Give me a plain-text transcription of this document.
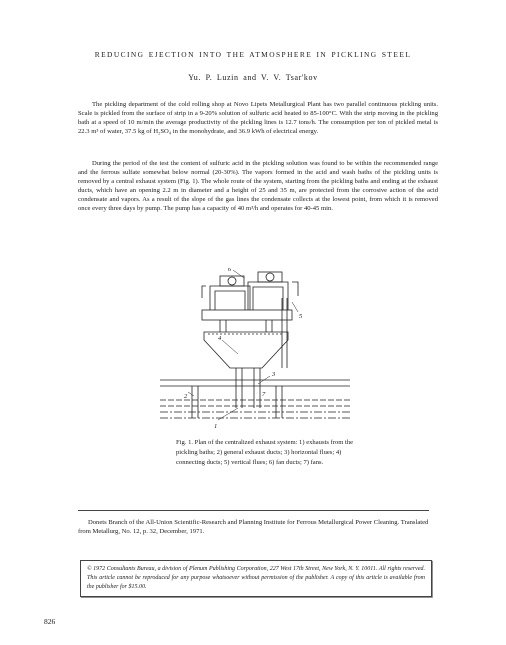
REDUCING EJECTION INTO THE ATMOSPHERE IN PICKLING STEEL
Yu. P. Luzin and V. V. Tsar'kov

The pickling department of the cold rolling shop at Novo Lipets Metallurgical Plant has two parallel continuous pickling units. Scale is pickled from the surface of strip in a 9-20% solution of sulfuric acid heated to 85-100°C. With the strip moving in the pickling bath at a speed of 10 m/min the average productivity of the pickling lines is 12.7 tons/h. The consumption per ton of pickled metal is 22.3 m³ of water, 37.5 kg of H₂SO₄ in the monohydrate, and 36.9 kWh of electrical energy.

During the period of the test the content of sulfuric acid in the pickling solution was found to be within the recommended range and the ferrous sulfate somewhat below normal (20-30%). The vapors formed in the acid and wash baths of the pickling units is removed by a central exhaust system (Fig. 1). The whole route of the system, starting from the pickling baths and ending at the exhaust ducts, which have an opening 2.2 m in diameter and a height of 25 and 35 m, are protected from the corrosive action of the acid condensate and vapors. As a result of the slope of the gas lines the condensate collects at the lowest point, from which it is removed once every three days by pump. The pump has a capacity of 40 m³/h and operates for 40-45 min.

6
5
4
3
7
2
1

Fig. 1. Plan of the centralized exhaust system: 1) exhausts from the pickling baths; 2) general exhaust ducts; 3) horizontal flues; 4) connecting ducts; 5) vertical flues; 6) fan ducts; 7) fans.

Donets Branch of the All-Union Scientific-Research and Planning Institute for Ferrous Metallurgical Power Cleaning. Translated from Metallurg, No. 12, p. 32, December, 1971.

© 1972 Consultants Bureau, a division of Plenum Publishing Corporation, 227 West 17th Street, New York, N. Y. 10011. All rights reserved. This article cannot be reproduced for any purpose whatsoever without permission of the publisher. A copy of this article is available from the publisher for $15.00.

826
